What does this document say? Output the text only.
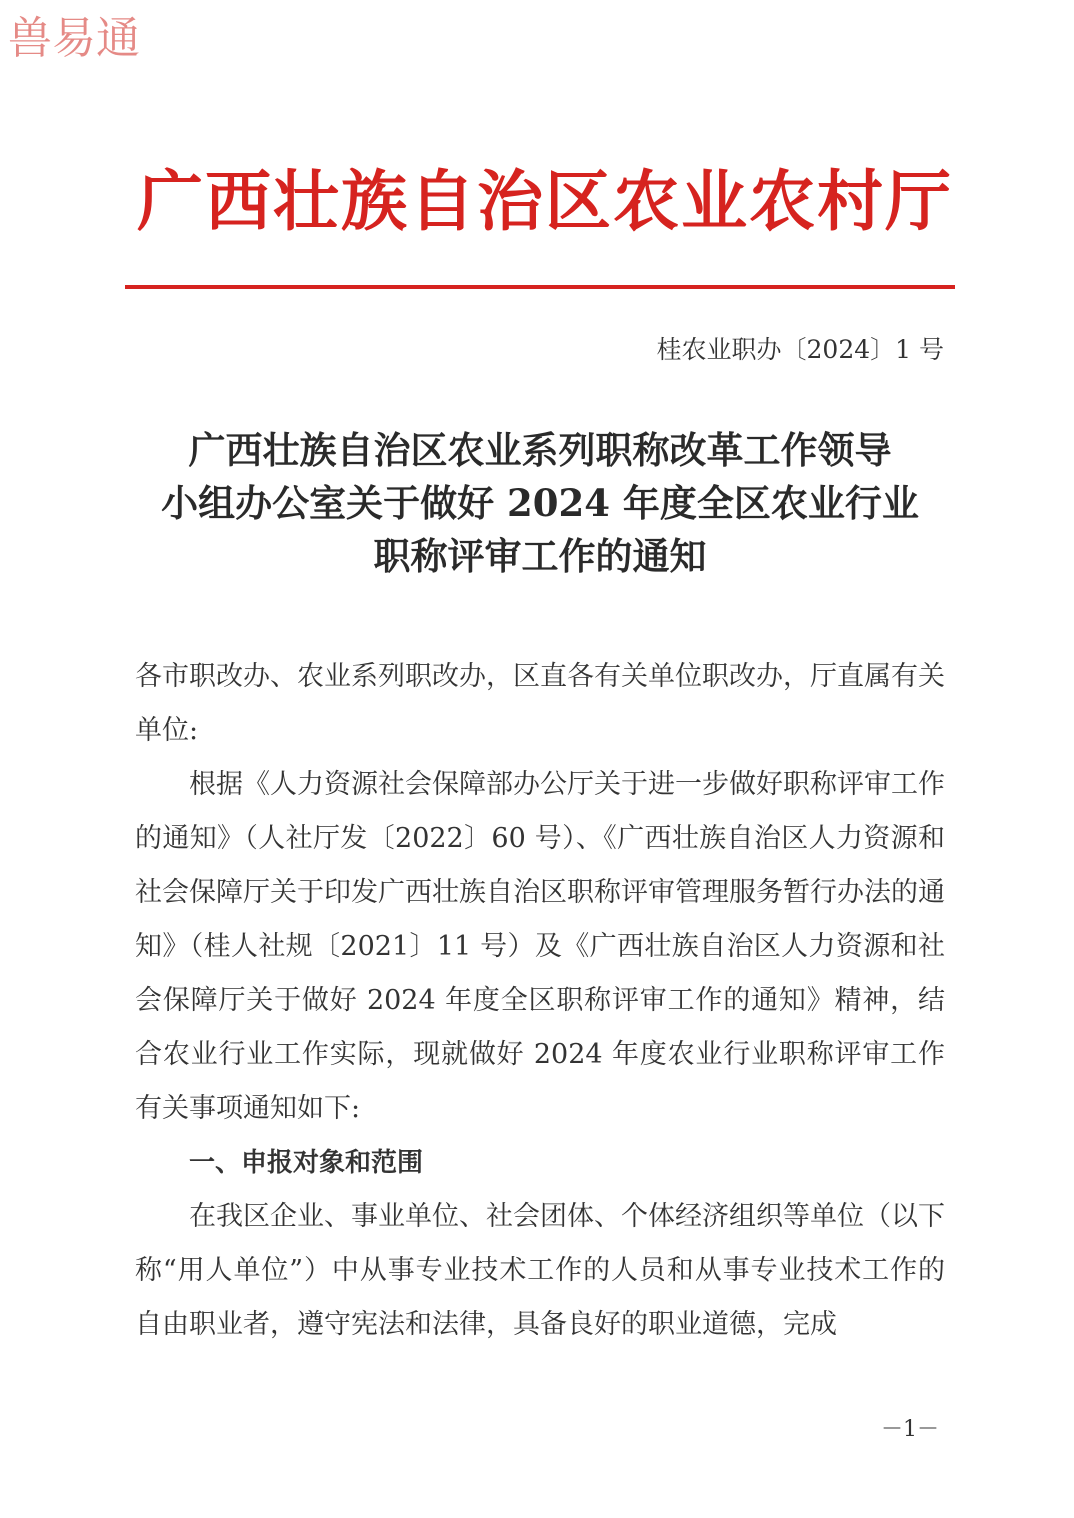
兽易通
广西壮族自治区农业农村厅
桂农业职办〔2024〕1 号
广西壮族自治区农业系列职称改革工作领导
小组办公室关于做好 2024 年度全区农业行业
职称评审工作的通知

各市职改办、农业系列职改办，区直各有关单位职改办，厅直属有关单位:

根据《人力资源社会保障部办公厅关于进一步做好职称评审工作的通知》（人社厅发〔2022〕60 号）、《广西壮族自治区人力资源和社会保障厅关于印发广西壮族自治区职称评审管理服务暂行办法的通知》（桂人社规〔2021〕11 号）及《广西壮族自治区人力资源和社会保障厅关于做好 2024 年度全区职称评审工作的通知》精神，结合农业行业工作实际，现就做好 2024 年度农业行业职称评审工作有关事项通知如下:

一、申报对象和范围

在我区企业、事业单位、社会团体、个体经济组织等单位（以下称“用人单位”）中从事专业技术工作的人员和从事专业技术工作的自由职业者，遵守宪法和法律，具备良好的职业道德，完成

－1－
